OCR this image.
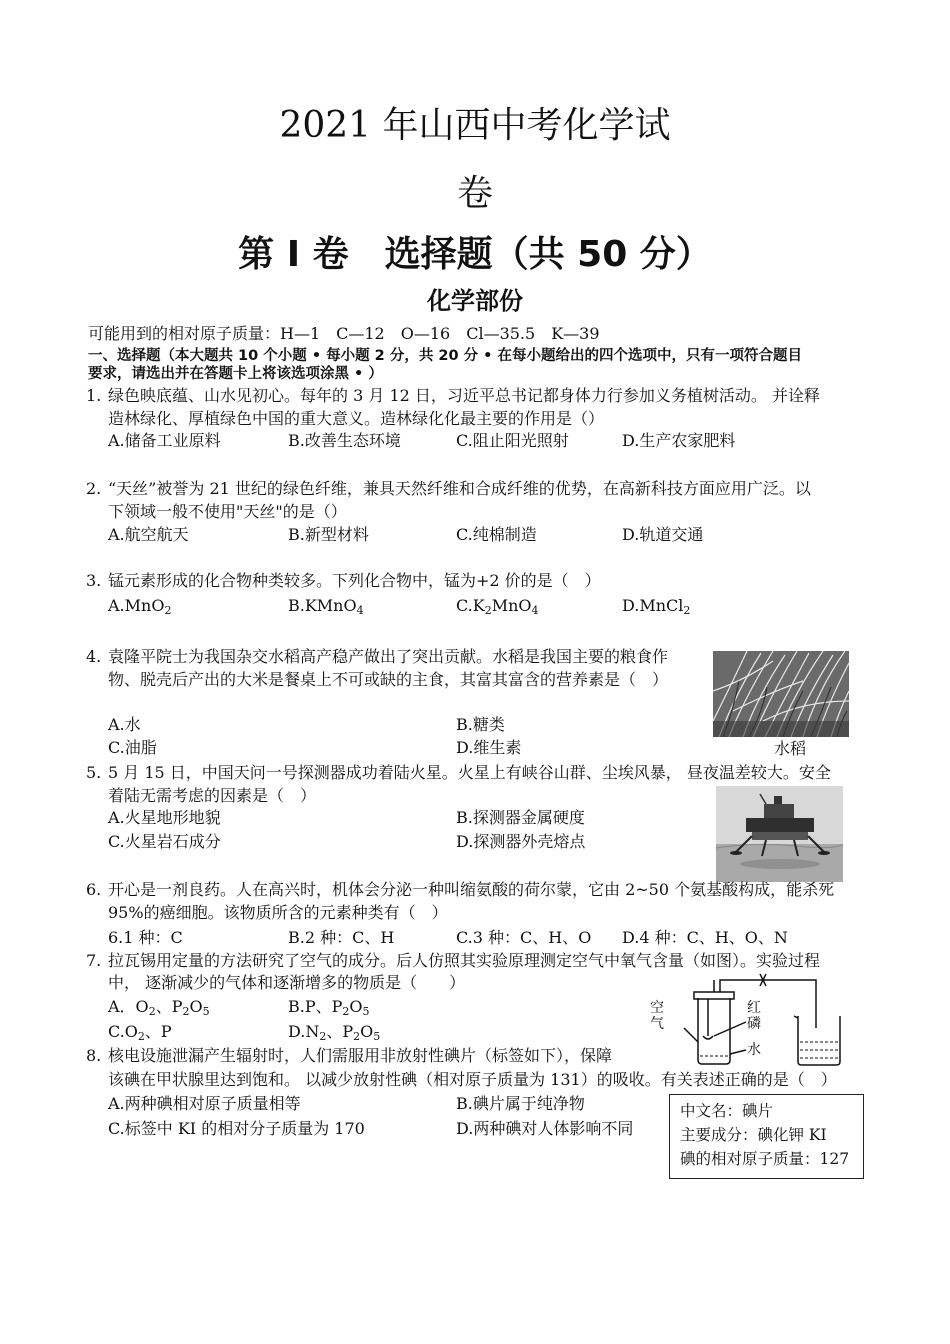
2021 年山西中考化学试
卷
第 I 卷　选择题（共 50 分）
化学部份
可能用到的相对原子质量：H—1　C—12　O—16　Cl—35.5　K—39
一、选择题（本大题共 10 个小题 • 每小题 2 分，共 20 分 • 在每小题给出的四个选项中，只有一项符合题目
要求，请选出并在答题卡上将该选项涂黑 • ）
1. 绿色映底蕴、山水见初心。每年的 3 月 12 日，习近平总书记都身体力行参加义务植树活动。 并诠释
造林绿化、厚植绿色中国的重大意义。造林绿化化最主要的作用是（）
A.储备工业原料	B.改善生态环境	C.阻止阳光照射	D.生产农家肥料
2. “天丝”被誉为 21 世纪的绿色纤维，兼具天然纤维和合成纤维的优势，在高新科技方面应用广泛。以
下领域一般不使用"天丝"的是（）
A.航空航天	B.新型材料	C.纯棉制造	D.轨道交通
3. 锰元素形成的化合物种类较多。下列化合物中，锰为+2 价的是（　）
A.MnO$_2$	B.KMnO$_4$	$C.K_2MnO_4$	D.MnCl$_2$
4. 袁隆平院士为我国杂交水稻高产稳产做出了突出贡献。水稻是我国主要的粮食作
物、脱壳后产出的大米是餐桌上不可或缺的主食，其富其富含的营养素是（　）
A.水	B.糖类
C.油脂	D.维生素	水稻
5. 5 月 15 日，中国天问一号探测器成功着陆火星。火星上有峡谷山群、尘埃风暴， 昼夜温差较大。安全
着陆无需考虑的因素是（　）
A.火星地形地貌	B.探测器金属硬度
C.火星岩石成分	D.探测器外壳熔点
6. 开心是一剂良药。人在高兴时，机体会分泌一种叫缩氨酸的荷尔蒙，它由 2~50 个氨基酸构成，能杀死
95%的癌细胞。该物质所含的元素种类有（　）
6.1 种：C	B.2 种：C、H	C.3 种：C、H、O D.4 种：C、H、O、N
7. 拉瓦锡用定量的方法研究了空气的成分。后人仿照其实验原理测定空气中氧气含量（如图）。实验过程
中， 逐渐减少的气体和逐渐增多的物质是（　　）
A．$O_2$、$P_2O_5$	B.P、$P_2O_5$
$C.O_2$、P	$D.N_2$、$P_2O_5$
空气
红磷
水
8. 核电设施泄漏产生辐射时，人们需服用非放射性碘片（标签如下），保障
该碘在甲状腺里达到饱和。 以减少放射性碘（相对原子质量为 131）的吸收。有关表述正确的是（　）
A.两种碘相对原子质量相等	B.碘片属于纯净物
C.标签中 KI 的相对分子质量为 170	D.两种碘对人体影响不同
中文名：碘片
主要成分：碘化钾 KI
碘的相对原子质量：127
